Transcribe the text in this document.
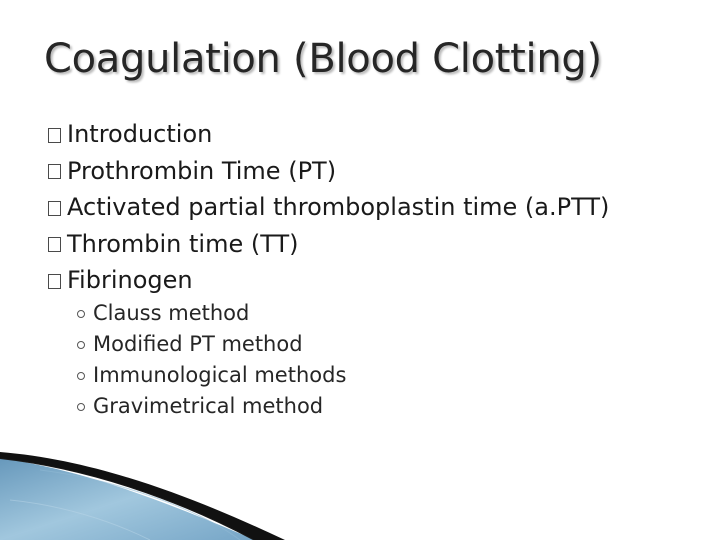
Coagulation (Blood Clotting)
Introduction
Prothrombin Time (PT)
Activated partial thromboplastin time (a.PTT)
Thrombin time (TT)
Fibrinogen
Clauss method
Modified PT method
Immunological methods
Gravimetrical method
